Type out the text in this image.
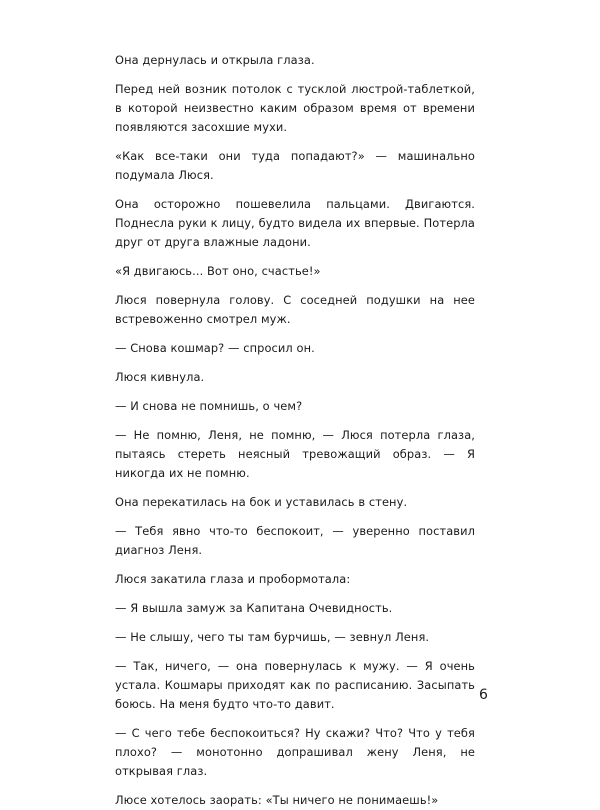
Она дернулась и открыла глаза.

Перед ней возник потолок с тусклой люстрой-таблеткой, в которой неизвестно каким образом время от времени появляются засохшие мухи.

«Как все-таки они туда попадают?» — машинально подумала Люся.

Она осторожно пошевелила пальцами. Двигаются. Поднесла руки к лицу, будто видела их впервые. Потерла друг от друга влажные ладони.

«Я двигаюсь... Вот оно, счастье!»

Люся повернула голову. С соседней подушки на нее встревоженно смотрел муж.

— Снова кошмар? — спросил он.

Люся кивнула.

— И снова не помнишь, о чем?

— Не помню, Леня, не помню, — Люся потерла глаза, пытаясь стереть неясный тревожащий образ. — Я никогда их не помню.

Она перекатилась на бок и уставилась в стену.

— Тебя явно что-то беспокоит, — уверенно поставил диагноз Леня.

Люся закатила глаза и пробормотала:

— Я вышла замуж за Капитана Очевидность.

— Не слышу, чего ты там бурчишь, — зевнул Леня.

— Так, ничего, — она повернулась к мужу. — Я очень устала. Кошмары приходят как по расписанию. Засыпать боюсь. На меня будто что-то давит.

— С чего тебе беспокоиться? Ну скажи? Что? Что у тебя плохо? — монотонно допрашивал жену Леня, не открывая глаз.

Люсе хотелось заорать: «Ты ничего не понимаешь!»

6
